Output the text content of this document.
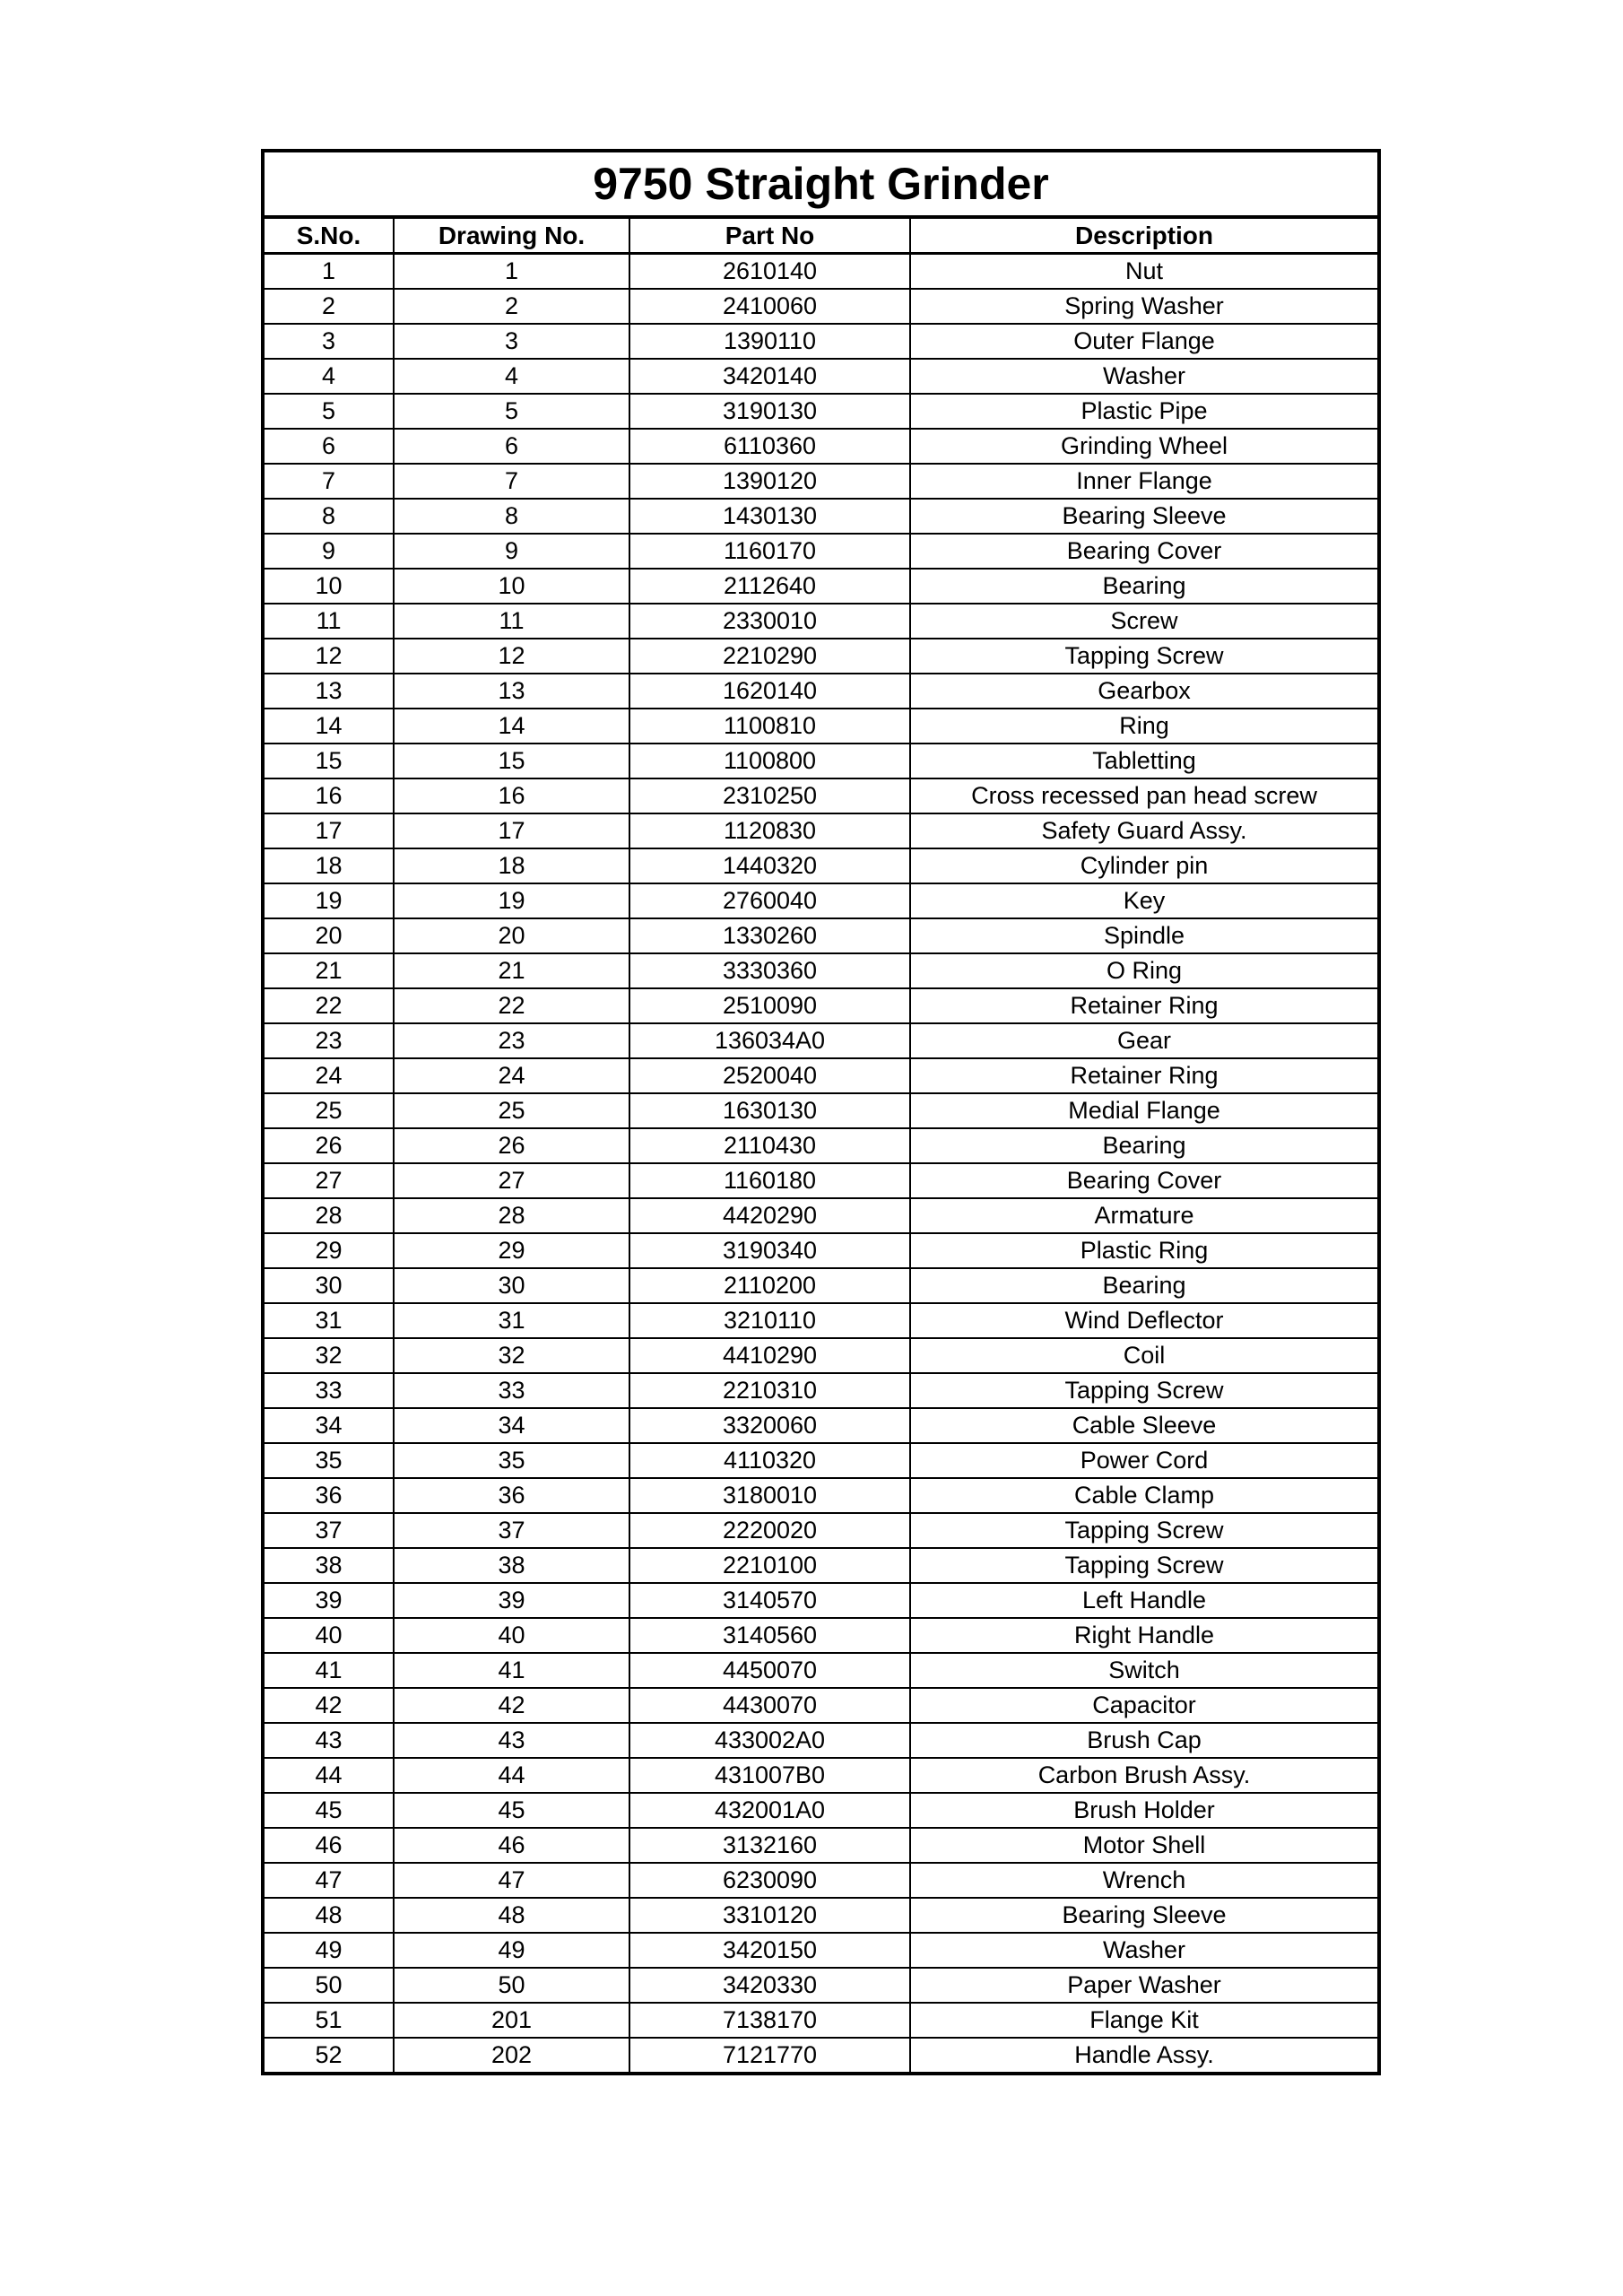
9750 Straight Grinder			
S.No.	Drawing No.	Part No	Description
1	1	2610140	Nut
2	2	2410060	Spring Washer
3	3	1390110	Outer Flange
4	4	3420140	Washer
5	5	3190130	Plastic Pipe
6	6	6110360	Grinding Wheel
7	7	1390120	Inner Flange
8	8	1430130	Bearing Sleeve
9	9	1160170	Bearing Cover
10	10	2112640	Bearing
11	11	2330010	Screw
12	12	2210290	Tapping Screw
13	13	1620140	Gearbox
14	14	1100810	Ring
15	15	1100800	Tabletting
16	16	2310250	Cross recessed pan head screw
17	17	1120830	Safety Guard Assy.
18	18	1440320	Cylinder pin
19	19	2760040	Key
20	20	1330260	Spindle
21	21	3330360	O Ring
22	22	2510090	Retainer Ring
23	23	136034A0	Gear
24	24	2520040	Retainer Ring
25	25	1630130	Medial Flange
26	26	2110430	Bearing
27	27	1160180	Bearing Cover
28	28	4420290	Armature
29	29	3190340	Plastic Ring
30	30	2110200	Bearing
31	31	3210110	Wind Deflector
32	32	4410290	Coil
33	33	2210310	Tapping Screw
34	34	3320060	Cable Sleeve
35	35	4110320	Power Cord
36	36	3180010	Cable Clamp
37	37	2220020	Tapping Screw
38	38	2210100	Tapping Screw
39	39	3140570	Left Handle
40	40	3140560	Right Handle
41	41	4450070	Switch
42	42	4430070	Capacitor
43	43	433002A0	Brush Cap
44	44	431007B0	Carbon Brush Assy.
45	45	432001A0	Brush Holder
46	46	3132160	Motor Shell
47	47	6230090	Wrench
48	48	3310120	Bearing Sleeve
49	49	3420150	Washer
50	50	3420330	Paper Washer
51	201	7138170	Flange Kit
52	202	7121770	Handle Assy.
